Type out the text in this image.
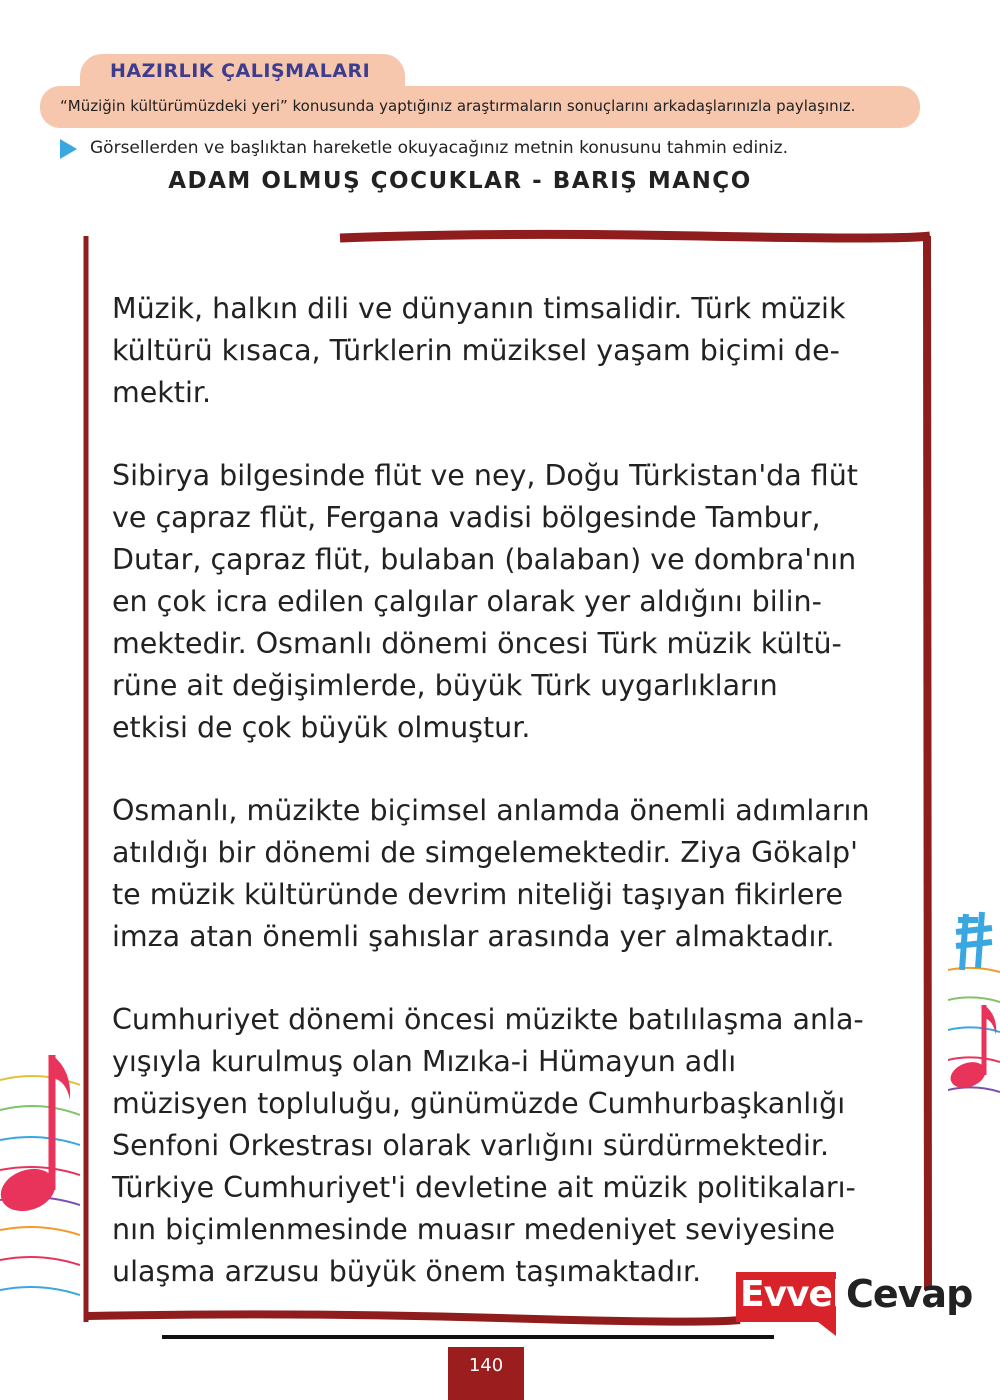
HAZIRLIK ÇALIŞMALARI
“Müziğin kültürümüzdeki yeri” konusunda yaptığınız araştırmaların sonuçlarını arkadaşlarınızla paylaşınız.
Görsellerden ve başlıktan hareketle okuyacağınız metnin konusunu tahmin ediniz.
ADAM OLMUŞ ÇOCUKLAR - BARIŞ MANÇO

Müzik, halkın dili ve dünyanın timsalidir. Türk müzik
kültürü kısaca, Türklerin müziksel yaşam biçimi de-
mektir.

Sibirya bilgesinde flüt ve ney, Doğu Türkistan'da flüt
ve çapraz flüt, Fergana vadisi bölgesinde Tambur,
Dutar, çapraz flüt, bulaban (balaban) ve dombra'nın
en çok icra edilen çalgılar olarak yer aldığını bilin-
mektedir. Osmanlı dönemi öncesi Türk müzik kültü-
rüne ait değişimlerde, büyük Türk uygarlıkların
etkisi de çok büyük olmuştur.

Osmanlı, müzikte biçimsel anlamda önemli adımların
atıldığı bir dönemi de simgelemektedir. Ziya Gökalp'
te müzik kültüründe devrim niteliği taşıyan fikirlere
imza atan önemli şahıslar arasında yer almaktadır.

Cumhuriyet dönemi öncesi müzikte batılılaşma anla-
yışıyla kurulmuş olan Mızıka-i Hümayun adlı
müzisyen topluluğu, günümüzde Cumhurbaşkanlığı
Senfoni Orkestrası olarak varlığını sürdürmektedir.
Türkiye Cumhuriyet'i devletine ait müzik politikaları-
nın biçimlenmesinde muasır medeniyet seviyesine
ulaşma arzusu büyük önem taşımaktadır.

Evvel Cevap
140
